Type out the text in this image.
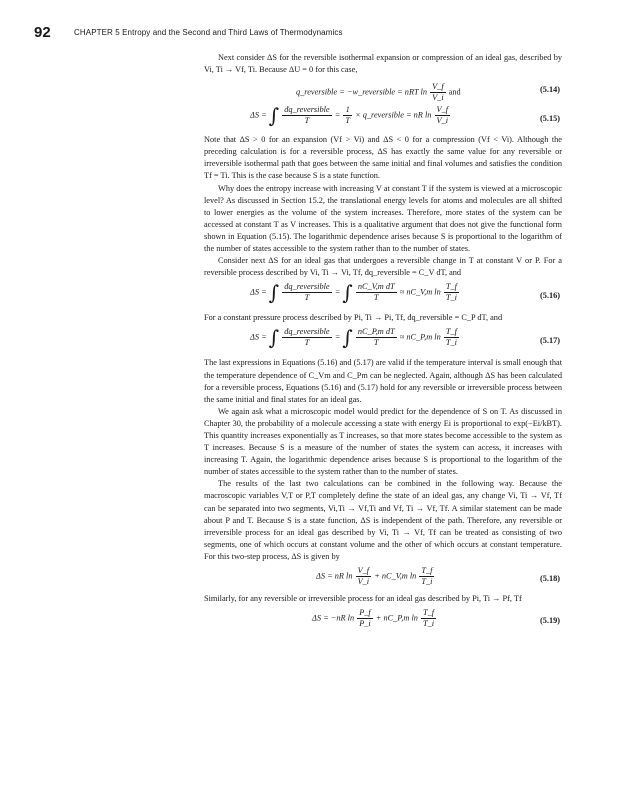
92	CHAPTER 5 Entropy and the Second and Third Laws of Thermodynamics

Next consider ΔS for the reversible isothermal expansion or compression of an ideal gas, described by Vi, Ti → Vf, Ti. Because ΔU = 0 for this case,

q_reversible = −w_reversible = nRT $\ln \frac{V\_f}{V\_i}$ and	(5.14)
ΔS = ∫ $\frac{\text{đq\_reversible}}{T} = \frac{1}{T}$ × q_reversible = nR $\ln \frac{V\_f}{V\_i}$	(5.15)

Note that ΔS > 0 for an expansion (Vf > Vi) and ΔS < 0 for a compression (Vf < Vi). Although the preceding calculation is for a reversible process, ΔS has exactly the same value for any reversible or irreversible isothermal path that goes between the same initial and final volumes and satisfies the condition Tf = Ti. This is the case because S is a state function.

Why does the entropy increase with increasing V at constant T if the system is viewed at a microscopic level? As discussed in Section 15.2, the translational energy levels for atoms and molecules are all shifted to lower energies as the volume of the system increases. Therefore, more states of the system can be accessed at constant T as V increases. This is a qualitative argument that does not give the functional form shown in Equation (5.15). The logarithmic dependence arises because S is proportional to the logarithm of the number of states accessible to the system rather than to the number of states.

Consider next ΔS for an ideal gas that undergoes a reversible change in T at constant V or P. For a reversible process described by Vi, Ti → Vi, Tf, đq_reversible = C_V dT, and

ΔS = ∫ $\frac{\text{đq\_reversible}}{T}$ = ∫ $\frac{\text{nC\_V,m dT}}{T}$ ≈ nC_V,m $\ln \frac{T\_f}{T\_i}$	(5.16)

For a constant pressure process described by Pi, Ti → Pi, Tf, đq_reversible = C_P dT, and

ΔS = ∫ $\frac{\text{đq\_reversible}}{T}$ = ∫ $\frac{\text{nC\_P,m dT}}{T}$ ≈ nC_P,m $\ln \frac{T\_f}{T\_i}$	(5.17)

The last expressions in Equations (5.16) and (5.17) are valid if the temperature interval is small enough that the temperature dependence of C_Vm and C_Pm can be neglected. Again, although ΔS has been calculated for a reversible process, Equations (5.16) and (5.17) hold for any reversible or irreversible process between the same initial and final states for an ideal gas.

We again ask what a microscopic model would predict for the dependence of S on T. As discussed in Chapter 30, the probability of a molecule accessing a state with energy Ei is proportional to exp(−Ei/kBT). This quantity increases exponentially as T increases, so that more states become accessible to the system as T increases. Because S is a measure of the number of states the system can access, it increases with increasing T. Again, the logarithmic dependence arises because S is proportional to the logarithm of the number of states accessible to the system rather than to the number of states.

The results of the last two calculations can be combined in the following way. Because the macroscopic variables V,T or P,T completely define the state of an ideal gas, any change Vi, Ti → Vf, Tf can be separated into two segments, Vi,Ti → Vf,Ti and Vf, Ti → Vf, Tf. A similar statement can be made about P and T. Because S is a state function, ΔS is independent of the path. Therefore, any reversible or irreversible process for an ideal gas described by Vi, Ti → Vf, Tf can be treated as consisting of two segments, one of which occurs at constant volume and the other of which occurs at constant temperature. For this two-step process, ΔS is given by

ΔS = nR $\ln \frac{V\_f}{V\_i}$ + nC_V,m $\ln \frac{T\_f}{T\_i}$	(5.18)

Similarly, for any reversible or irreversible process for an ideal gas described by Pi, Ti → Pf, Tf

ΔS = −nR $\ln \frac{P\_f}{P\_i}$ + nC_P,m $\ln \frac{T\_f}{T\_i}$	(5.19)
